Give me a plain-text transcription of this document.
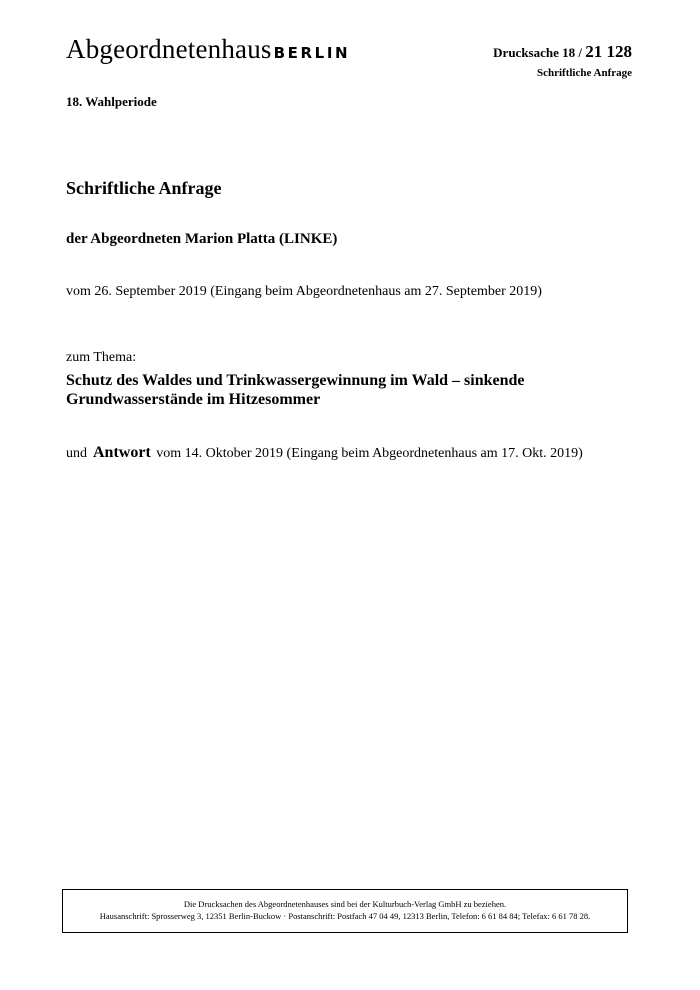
Abgeordnetenhaus BERLIN	Drucksache 18 / 21 128
Schriftliche Anfrage
18. Wahlperiode
Schriftliche Anfrage
der Abgeordneten Marion Platta (LINKE)
vom 26. September 2019 (Eingang beim Abgeordnetenhaus am 27. September 2019)
zum Thema:
Schutz des Waldes und Trinkwassergewinnung im Wald – sinkende
Grundwasserstände im Hitzesommer
und Antwort vom 14. Oktober 2019 (Eingang beim Abgeordnetenhaus am 17. Okt. 2019)
Die Drucksachen des Abgeordnetenhauses sind bei der Kulturbuch-Verlag GmbH zu beziehen.
Hausanschrift: Sprosserweg 3, 12351 Berlin-Buckow · Postanschrift: Postfach 47 04 49, 12313 Berlin, Telefon: 6 61 84 84; Telefax: 6 61 78 28.
